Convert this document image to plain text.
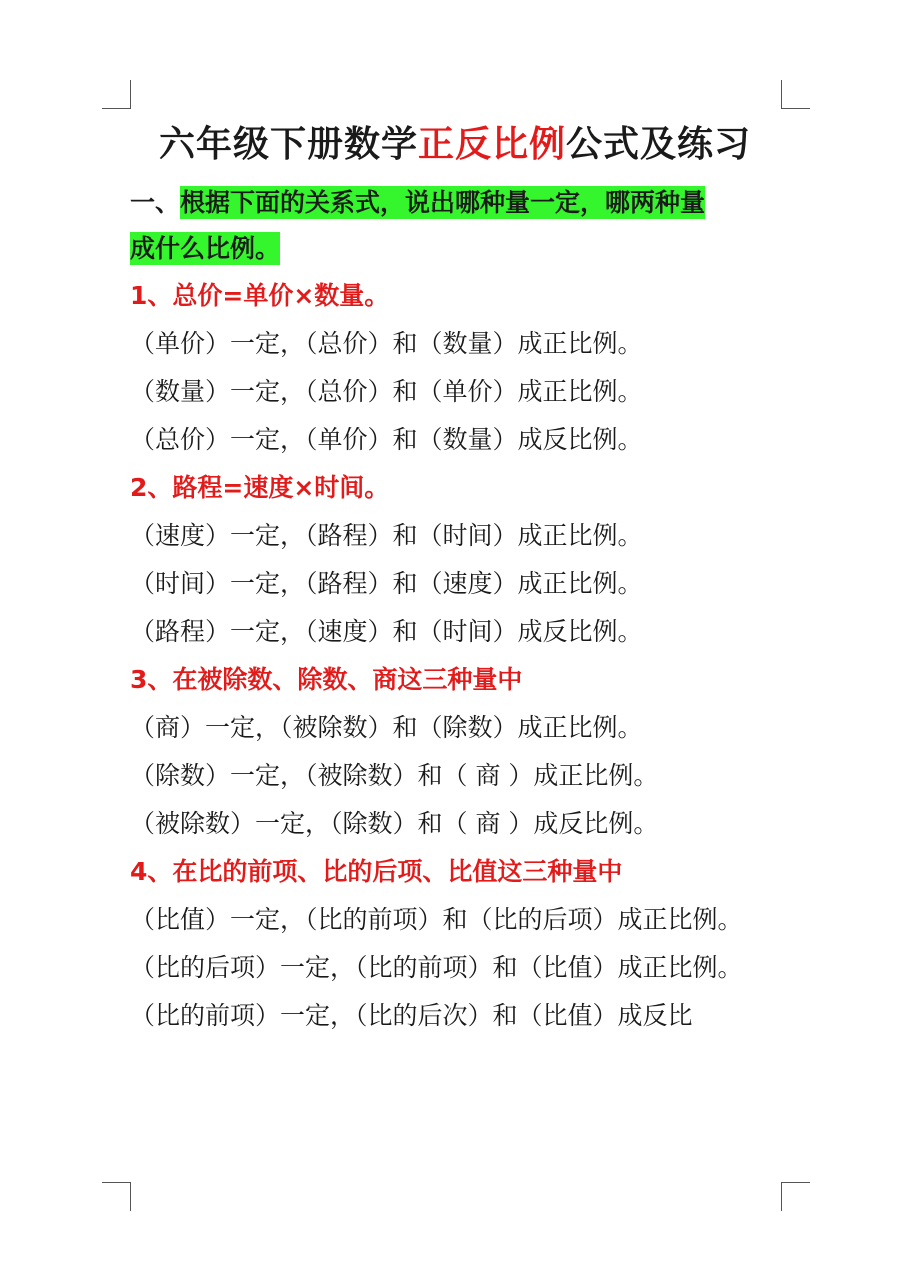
六年级下册数学正反比例公式及练习
一、根据下面的关系式，说出哪种量一定，哪两种量
成什么比例。

1、总价=单价×数量。

（单价）一定，（总价）和（数量）成正比例。

（数量）一定，（总价）和（单价）成正比例。

（总价）一定，（单价）和（数量）成反比例。

2、路程=速度×时间。

（速度）一定，（路程）和（时间）成正比例。

（时间）一定，（路程）和（速度）成正比例。

（路程）一定，（速度）和（时间）成反比例。

3、在被除数、除数、商这三种量中

（商）一定，（被除数）和（除数）成正比例。

（除数）一定，（被除数）和（ 商 ）成正比例。

（被除数）一定，（除数）和（ 商 ）成反比例。

4、在比的前项、比的后项、比值这三种量中

（比值）一定，（比的前项）和（比的后项）成正比例。

（比的后项）一定，（比的前项）和（比值）成正比例。

（比的前项）一定，（比的后次）和（比值）成反比
